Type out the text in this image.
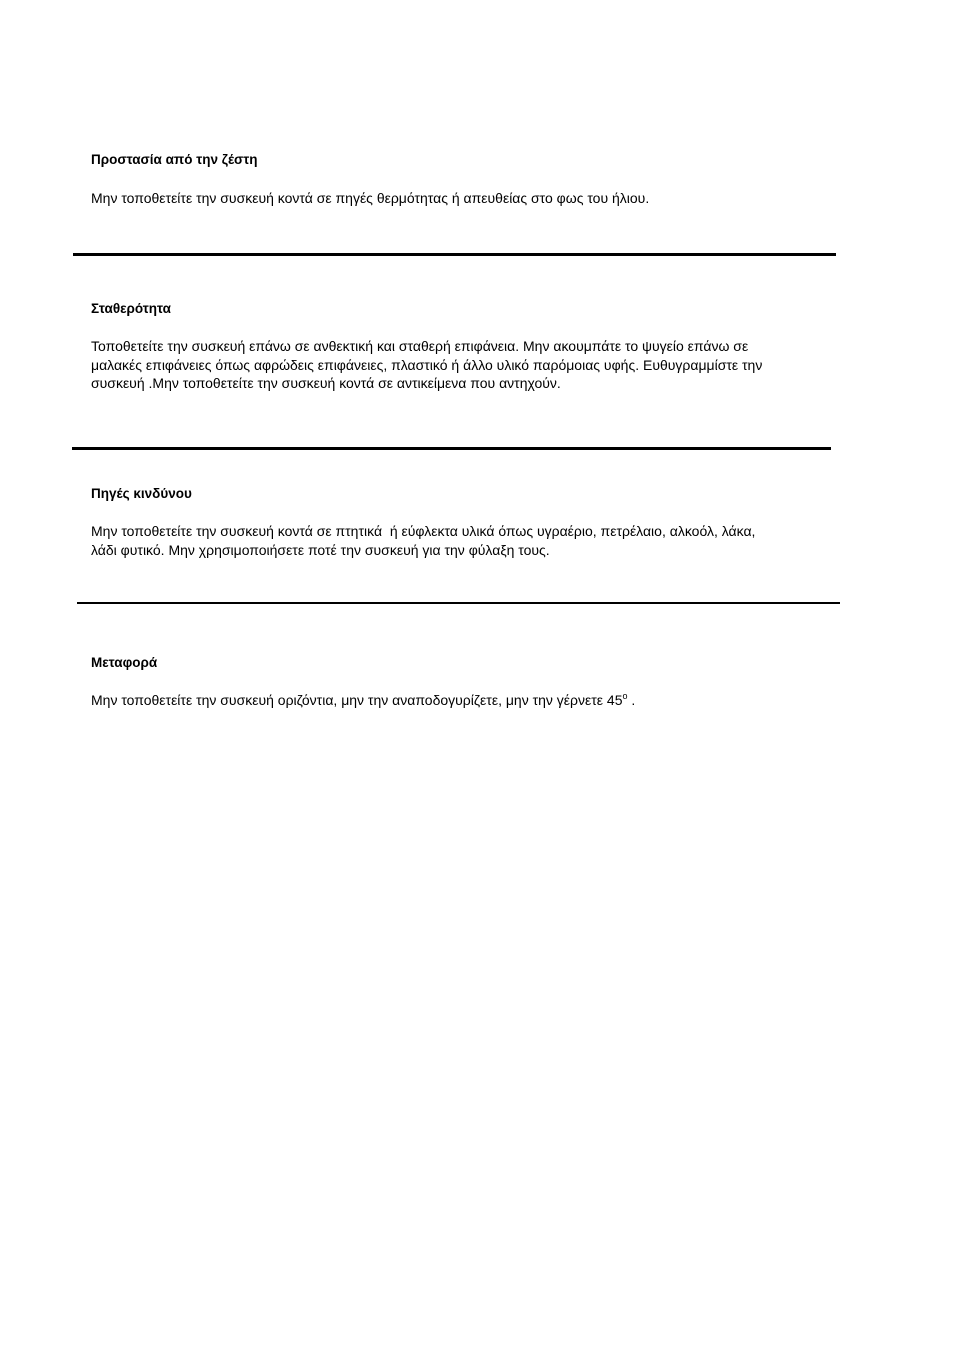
Προστασία από την ζέστη

Μην τοποθετείτε την συσκευή κοντά σε πηγές θερμότητας ή απευθείας στο φως του ήλιου.

Σταθερότητα

Τοποθετείτε την συσκευή επάνω σε ανθεκτική και σταθερή επιφάνεια. Μην ακουμπάτε το ψυγείο επάνω σε
μαλακές επιφάνειες όπως αφρώδεις επιφάνειες, πλαστικό ή άλλο υλικό παρόμοιας υφής. Ευθυγραμμίστε την
συσκευή .Μην τοποθετείτε την συσκευή κοντά σε αντικείμενα που αντηχούν.

Πηγές κινδύνου

Μην τοποθετείτε την συσκευή κοντά σε πτητικά  ή εύφλεκτα υλικά όπως υγραέριο, πετρέλαιο, αλκοόλ, λάκα,
λάδι φυτικό. Μην χρησιμοποιήσετε ποτέ την συσκευή για την φύλαξη τους.

Μεταφορά

Μην τοποθετείτε την συσκευή οριζόντια, μην την αναποδογυρίζετε, μην την γέρνετε 45$^o$ .
